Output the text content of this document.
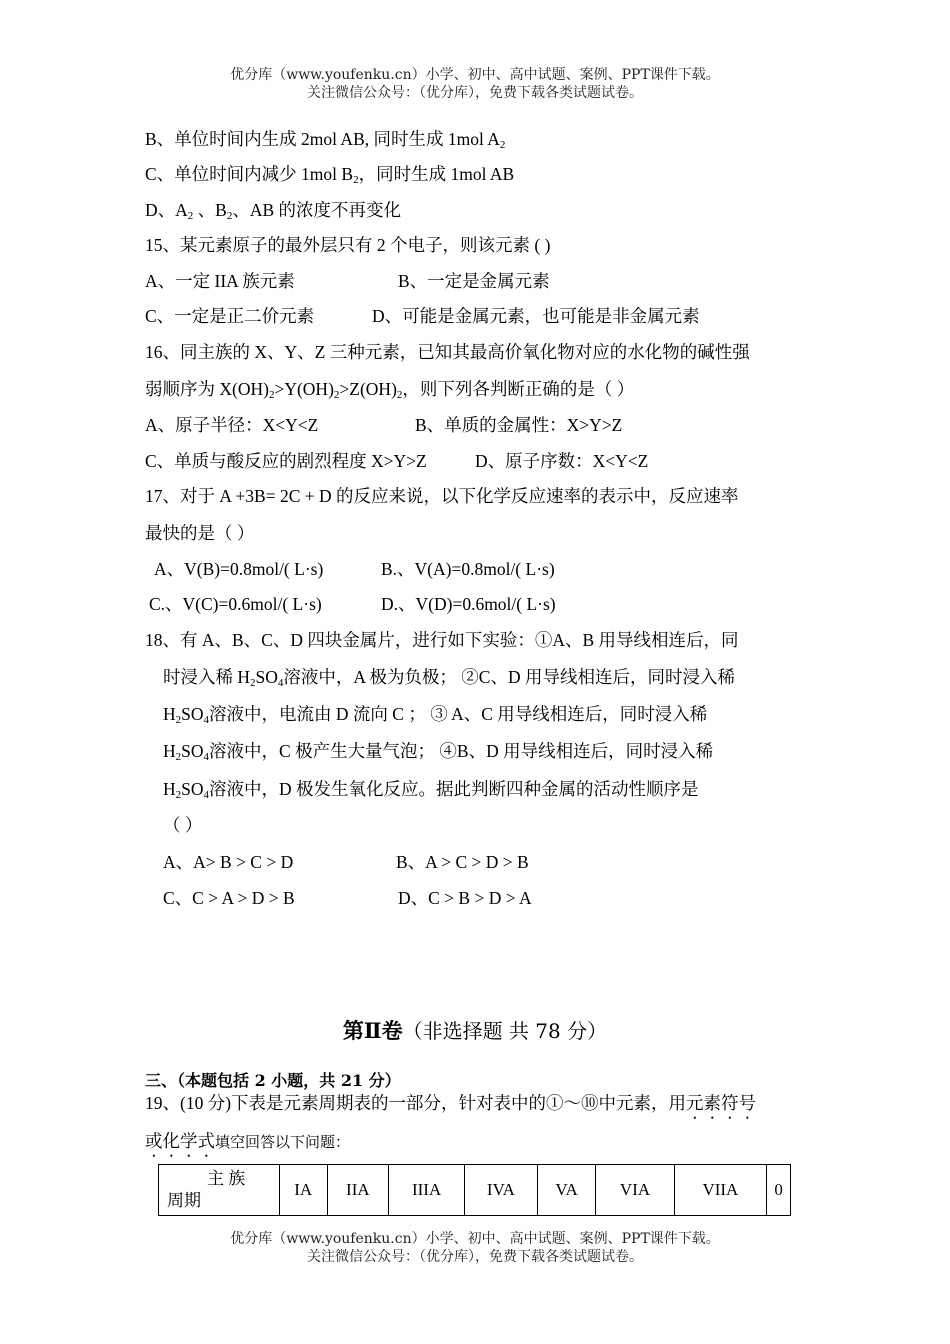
优分库（www.youfenku.cn）小学、初中、高中试题、案例、PPT课件下载。
关注微信公众号：（优分库），免费下载各类试题试卷。
B、单位时间内生成 2mol AB, 同时生成 1mol $A_2$
C、单位时间内减少 1mol $B_2$，同时生成 1mol AB
D、$A_2$ 、$B_2$、AB 的浓度不再变化
15、某元素原子的最外层只有 2 个电子，则该元素 ( )
A、一定 IIA 族元素	B、一定是金属元素
C、一定是正二价元素	D、可能是金属元素，也可能是非金属元素
16、同主族的 X、Y、Z 三种元素，已知其最高价氧化物对应的水化物的碱性强
弱顺序为 $X(OH)_2>Y(OH)_2>Z(OH)_2$，则下列各判断正确的是（ ）
A、原子半径：X<Y<Z	B、单质的金属性：X>Y>Z
C、单质与酸反应的剧烈程度 X>Y>Z	D、原子序数：X<Y<Z
17、对于 A +3B= 2C + D 的反应来说，以下化学反应速率的表示中，反应速率
最快的是（ ）
A、V(B)=0.8mol/( L·s)	B.、V(A)=0.8mol/( L·s)
C.、V(C)=0.6mol/( L·s)	D.、V(D)=0.6mol/( L·s)
18、有 A、B、C、D 四块金属片，进行如下实验：①A、B 用导线相连后，同
时浸入稀 $H_2SO_4$溶液中，A 极为负极； ②C、D 用导线相连后，同时浸入稀
$H_2SO_4$溶液中，电流由 D 流向 C ； ③ A、C 用导线相连后，同时浸入稀
$H_2SO_4$溶液中，C 极产生大量气泡； ④B、D 用导线相连后，同时浸入稀
$H_2SO_4$溶液中，D 极发生氧化反应。据此判断四种金属的活动性顺序是
（ ）
A、A> B > C > D	B、A > C > D > B
C、C > A > D > B	D、C > B > D > A
第Ⅱ卷（非选择题 共 78 分）
三、（本题包括 2 小题，共 21 分）
19、(10 分)下表是元素周期表的一部分，针对表中的①～⑩中元素，用元素符号
或化学式填空回答以下问题：
主 族
周期	IA	IIA	IIIA	IVA	VA	VIA	VIIA	0
优分库（www.youfenku.cn）小学、初中、高中试题、案例、PPT课件下载。
关注微信公众号：（优分库），免费下载各类试题试卷。
